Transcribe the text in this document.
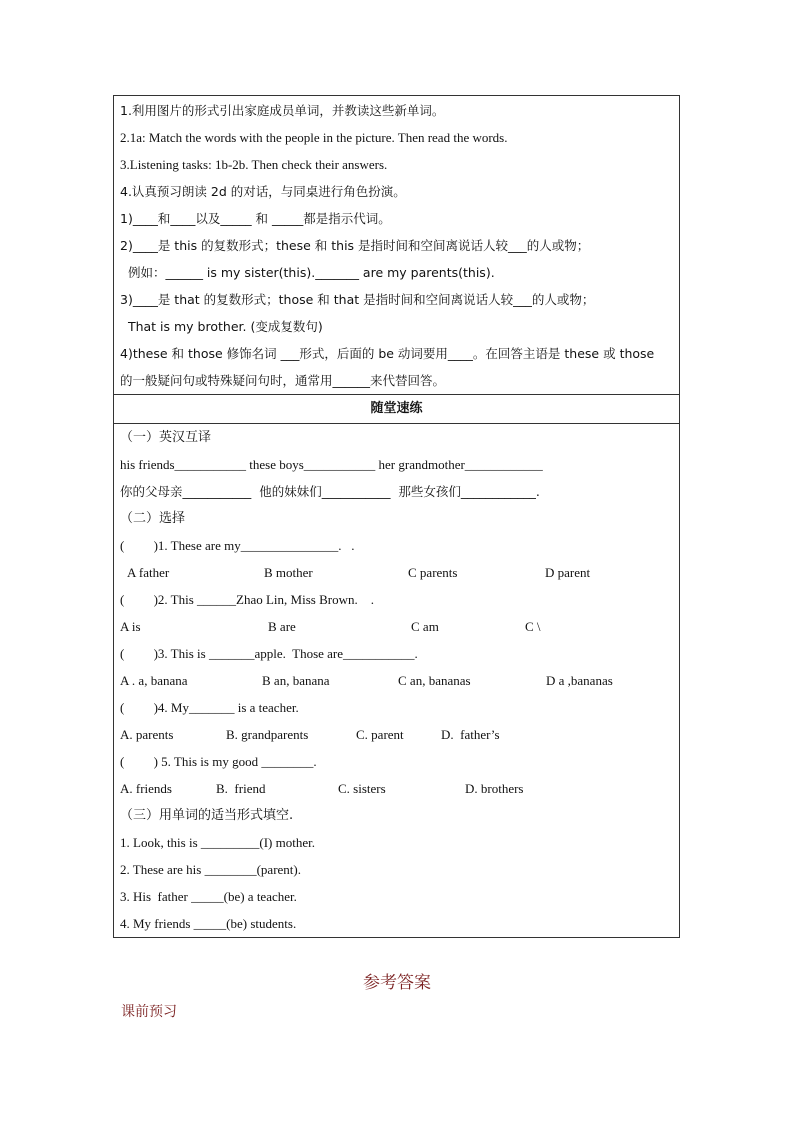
1.利用图片的形式引出家庭成员单词，并教读这些新单词。
2.1a: Match the words with the people in the picture. Then read the words.
3.Listening tasks: 1b-2b. Then check their answers.
4.认真预习朗读 2d 的对话，与同桌进行角色扮演。
1)____和____以及_____ 和 _____都是指示代词。
2)____是 this 的复数形式；these 和 this 是指时间和空间离说话人较___的人或物；
例如：______ is my sister(this)._______ are my parents(this).
3)____是 that 的复数形式；those 和 that 是指时间和空间离说话人较___的人或物；
That is my brother. (变成复数句)
4)these 和 those 修饰名词 ___形式，后面的 be 动词要用____。在回答主语是 these 或 those
的一般疑问句或特殊疑问句时，通常用______来代替回答。
随堂速练
（一）英汉互译
his friends___________ these boys___________ her grandmother____________
你的父母亲___________  他的妹妹们___________  那些女孩们____________.
（二）选择
(         )1. These are my_______________.   .

A father

	B mother

	C parents

	D parent

(         )2. This ______Zhao Lin, Miss Brown.    .

A is

	B are

	C am

	C \

(         )3. This is _______apple.  Those are___________.

A . a, banana

	B an, banana

	C an, bananas

	D a ,bananas

(         )4. My_______ is a teacher.

A. parents

	B. grandparents

	C. parent

	D.  father’s

(         ) 5. This is my good ________.

A. friends

	B.  friend

	C. sisters

	D. brothers

（三）用单词的适当形式填空.
1. Look, this is _________(I) mother.
2. These are his ________(parent).
3. His  father _____(be) a teacher.
4. My friends _____(be) students.
参考答案
课前预习
